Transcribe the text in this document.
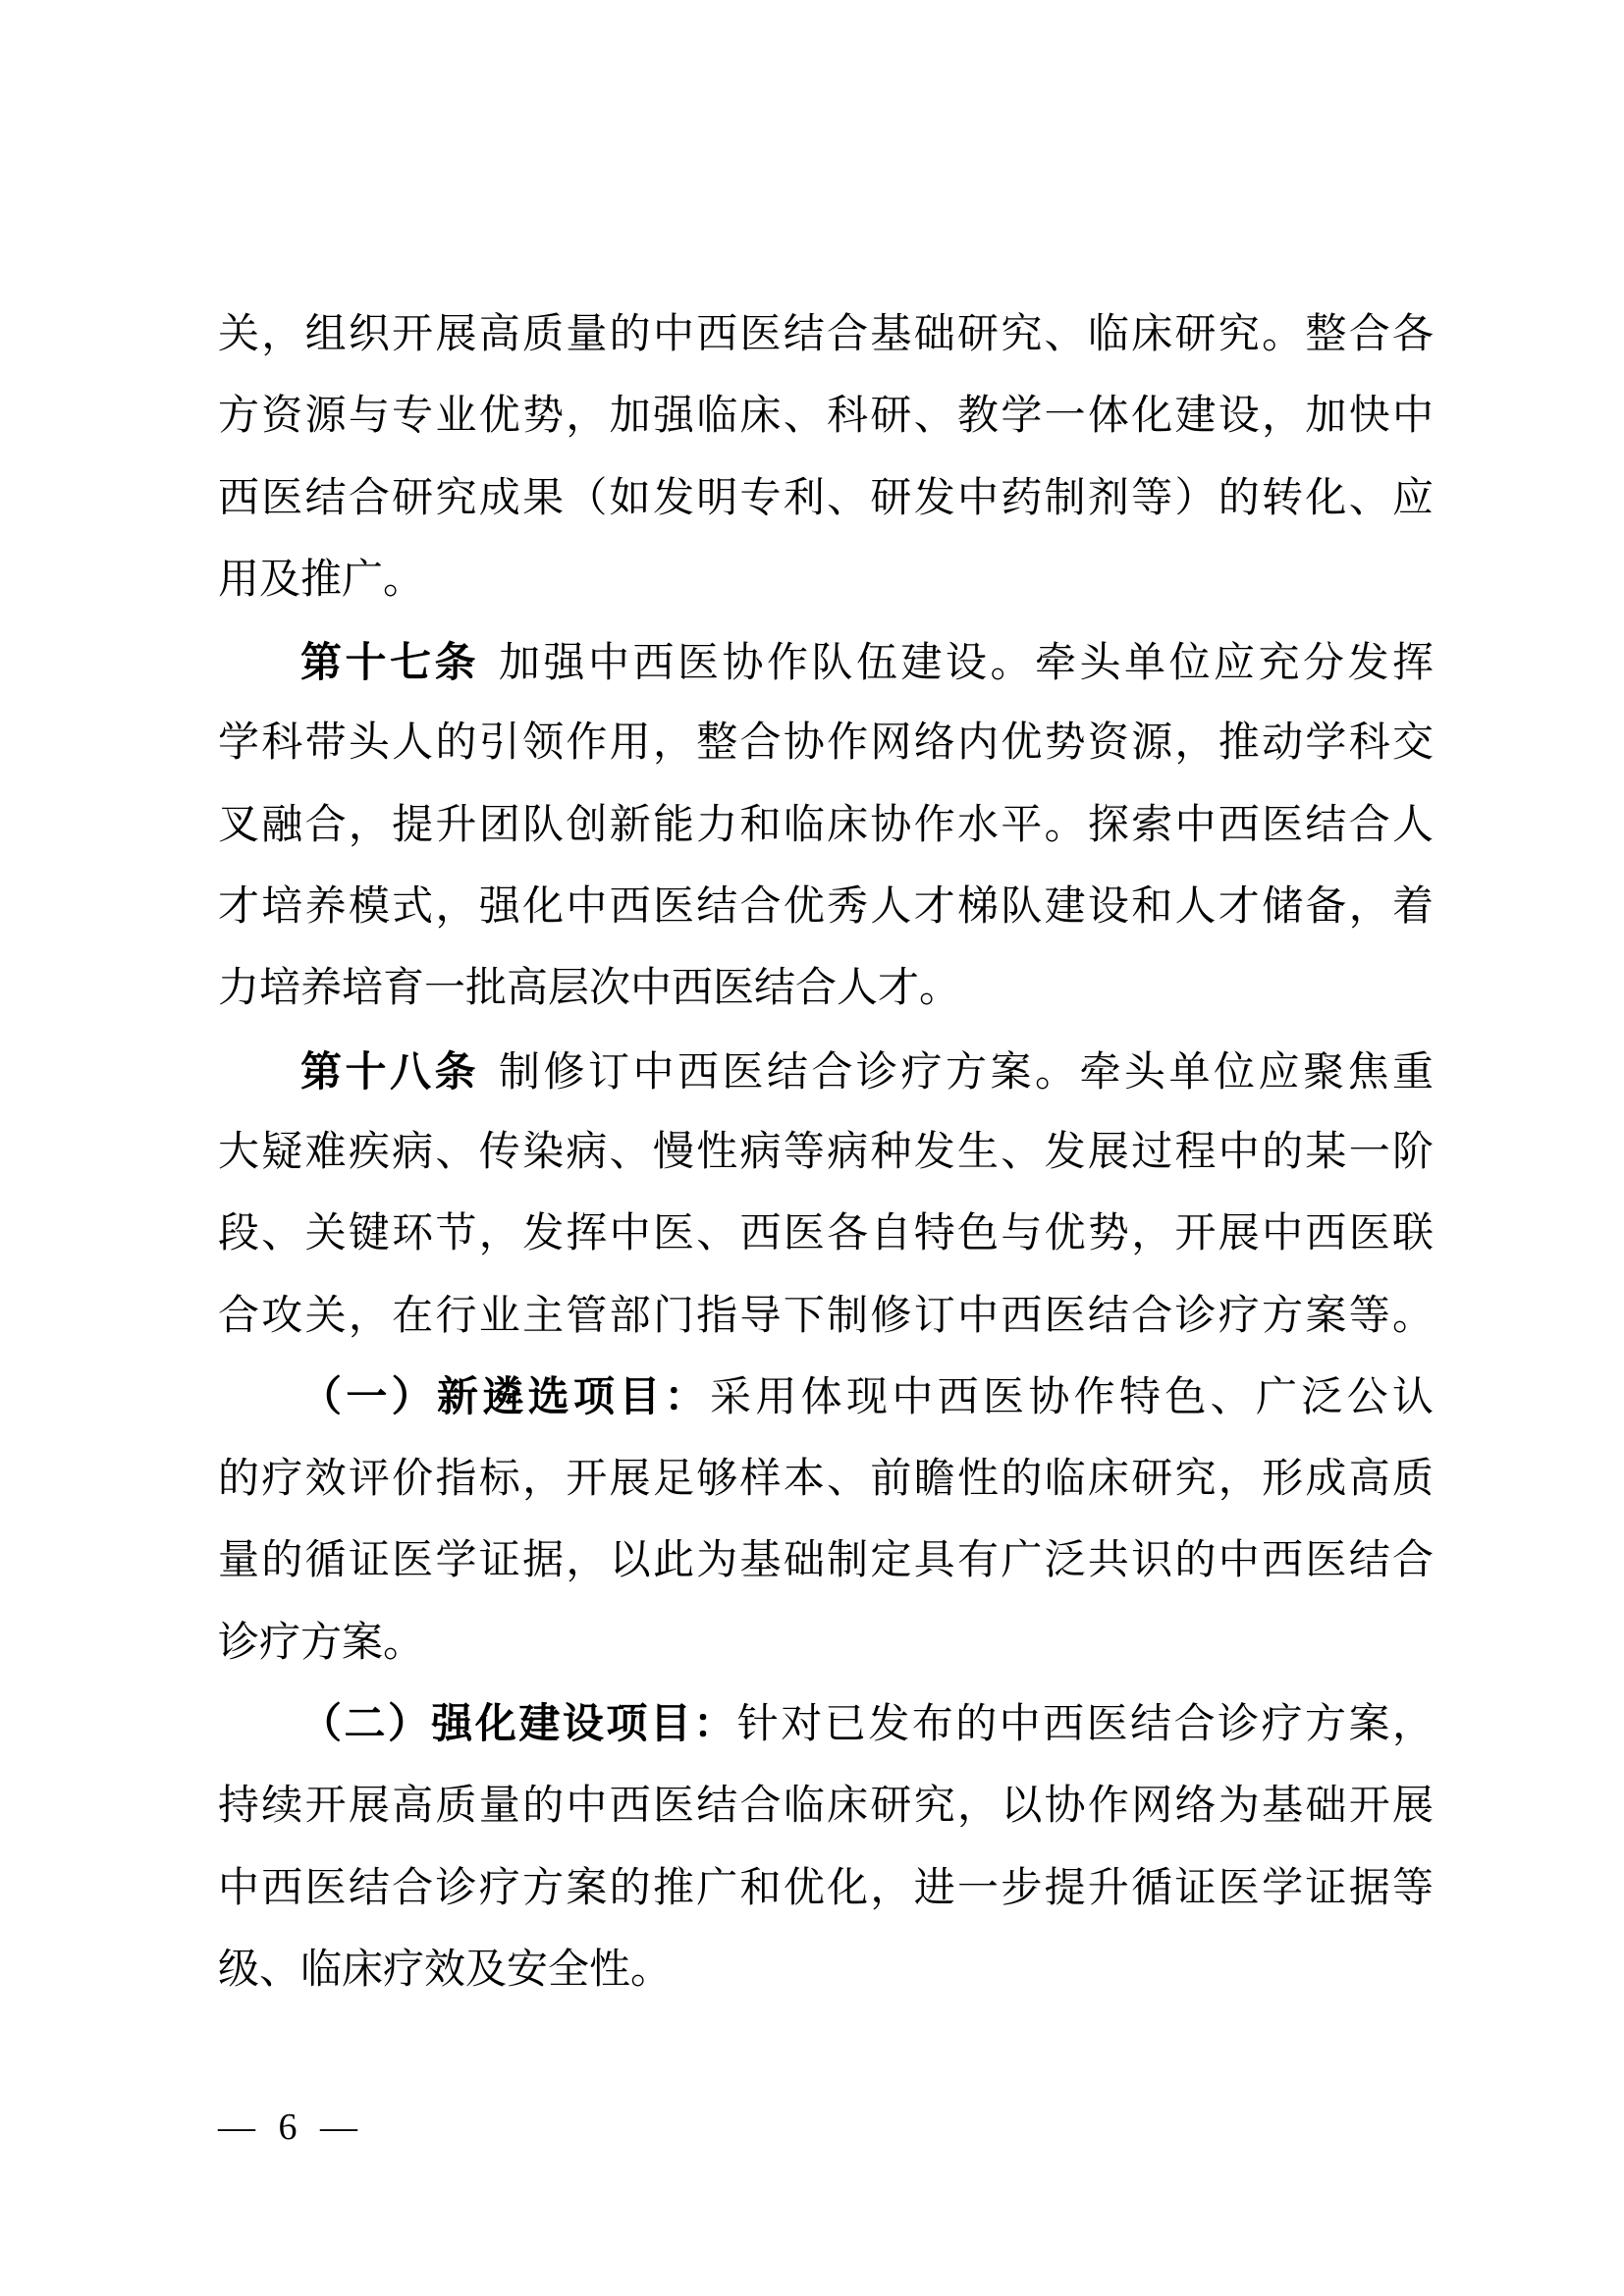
关，组织开展高质量的中西医结合基础研究、临床研究。整合各
方资源与专业优势，加强临床、科研、教学一体化建设，加快中
西医结合研究成果（如发明专利、研发中药制剂等）的转化、应
用及推广。
第十七条 加强中西医协作队伍建设。牵头单位应充分发挥
学科带头人的引领作用，整合协作网络内优势资源，推动学科交
叉融合，提升团队创新能力和临床协作水平。探索中西医结合人
才培养模式，强化中西医结合优秀人才梯队建设和人才储备，着
力培养培育一批高层次中西医结合人才。
第十八条 制修订中西医结合诊疗方案。牵头单位应聚焦重
大疑难疾病、传染病、慢性病等病种发生、发展过程中的某一阶
段、关键环节，发挥中医、西医各自特色与优势，开展中西医联
合攻关，在行业主管部门指导下制修订中西医结合诊疗方案等。
（一）新遴选项目：采用体现中西医协作特色、广泛公认
的疗效评价指标，开展足够样本、前瞻性的临床研究，形成高质
量的循证医学证据，以此为基础制定具有广泛共识的中西医结合
诊疗方案。
（二）强化建设项目：针对已发布的中西医结合诊疗方案，
持续开展高质量的中西医结合临床研究，以协作网络为基础开展
中西医结合诊疗方案的推广和优化，进一步提升循证医学证据等
级、临床疗效及安全性。
— 6 —
